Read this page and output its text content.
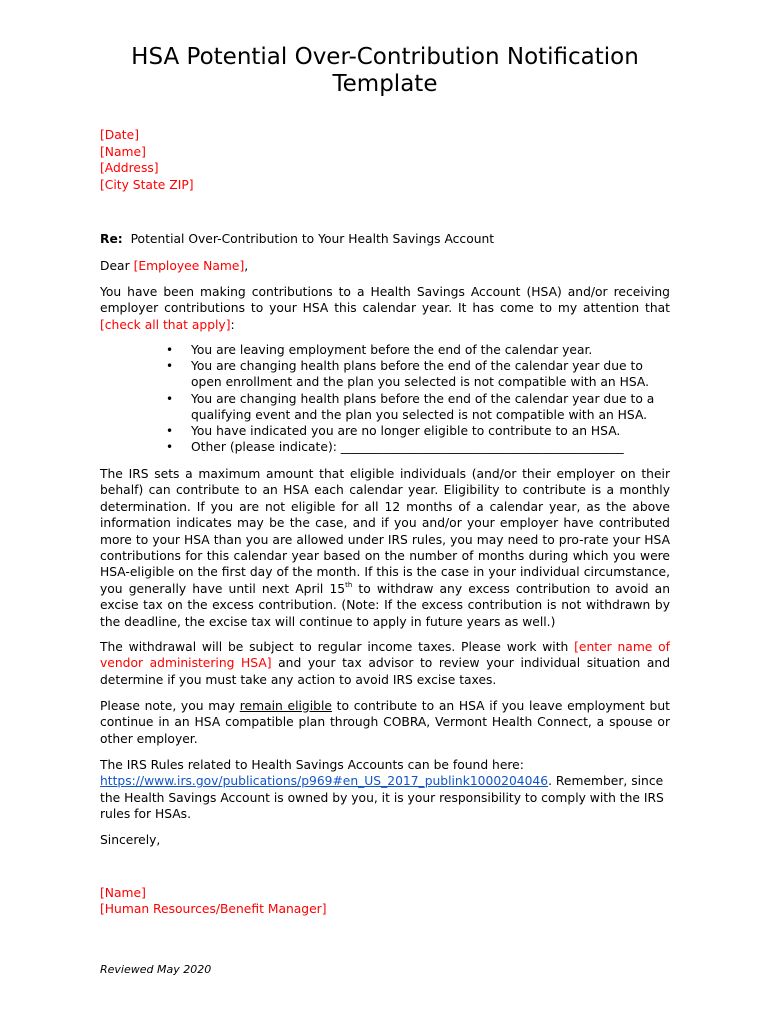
HSA Potential Over-Contribution Notification
Template
[Date]
[Name]
[Address]
[City State ZIP]
Re: Potential Over-Contribution to Your Health Savings Account
Dear [Employee Name],
You have been making contributions to a Health Savings Account (HSA) and/or receiving employer contributions to your HSA this calendar year. It has come to my attention that [check all that apply]:
• You are leaving employment before the end of the calendar year.
• You are changing health plans before the end of the calendar year due to open enrollment and the plan you selected is not compatible with an HSA.
• You are changing health plans before the end of the calendar year due to a qualifying event and the plan you selected is not compatible with an HSA.
• You have indicated you are no longer eligible to contribute to an HSA.
• Other (please indicate): ______________________________________________
The IRS sets a maximum amount that eligible individuals (and/or their employer on their behalf) can contribute to an HSA each calendar year. Eligibility to contribute is a monthly determination. If you are not eligible for all 12 months of a calendar year, as the above information indicates may be the case, and if you and/or your employer have contributed more to your HSA than you are allowed under IRS rules, you may need to pro-rate your HSA contributions for this calendar year based on the number of months during which you were HSA-eligible on the first day of the month. If this is the case in your individual circumstance, you generally have until next April 15th to withdraw any excess contribution to avoid an excise tax on the excess contribution. (Note: If the excess contribution is not withdrawn by the deadline, the excise tax will continue to apply in future years as well.)
The withdrawal will be subject to regular income taxes. Please work with [enter name of vendor administering HSA] and your tax advisor to review your individual situation and determine if you must take any action to avoid IRS excise taxes.
Please note, you may remain eligible to contribute to an HSA if you leave employment but continue in an HSA compatible plan through COBRA, Vermont Health Connect, a spouse or other employer.
The IRS Rules related to Health Savings Accounts can be found here: https://www.irs.gov/publications/p969#en_US_2017_publink1000204046. Remember, since the Health Savings Account is owned by you, it is your responsibility to comply with the IRS rules for HSAs.
Sincerely,
[Name]
[Human Resources/Benefit Manager]
Reviewed May 2020
